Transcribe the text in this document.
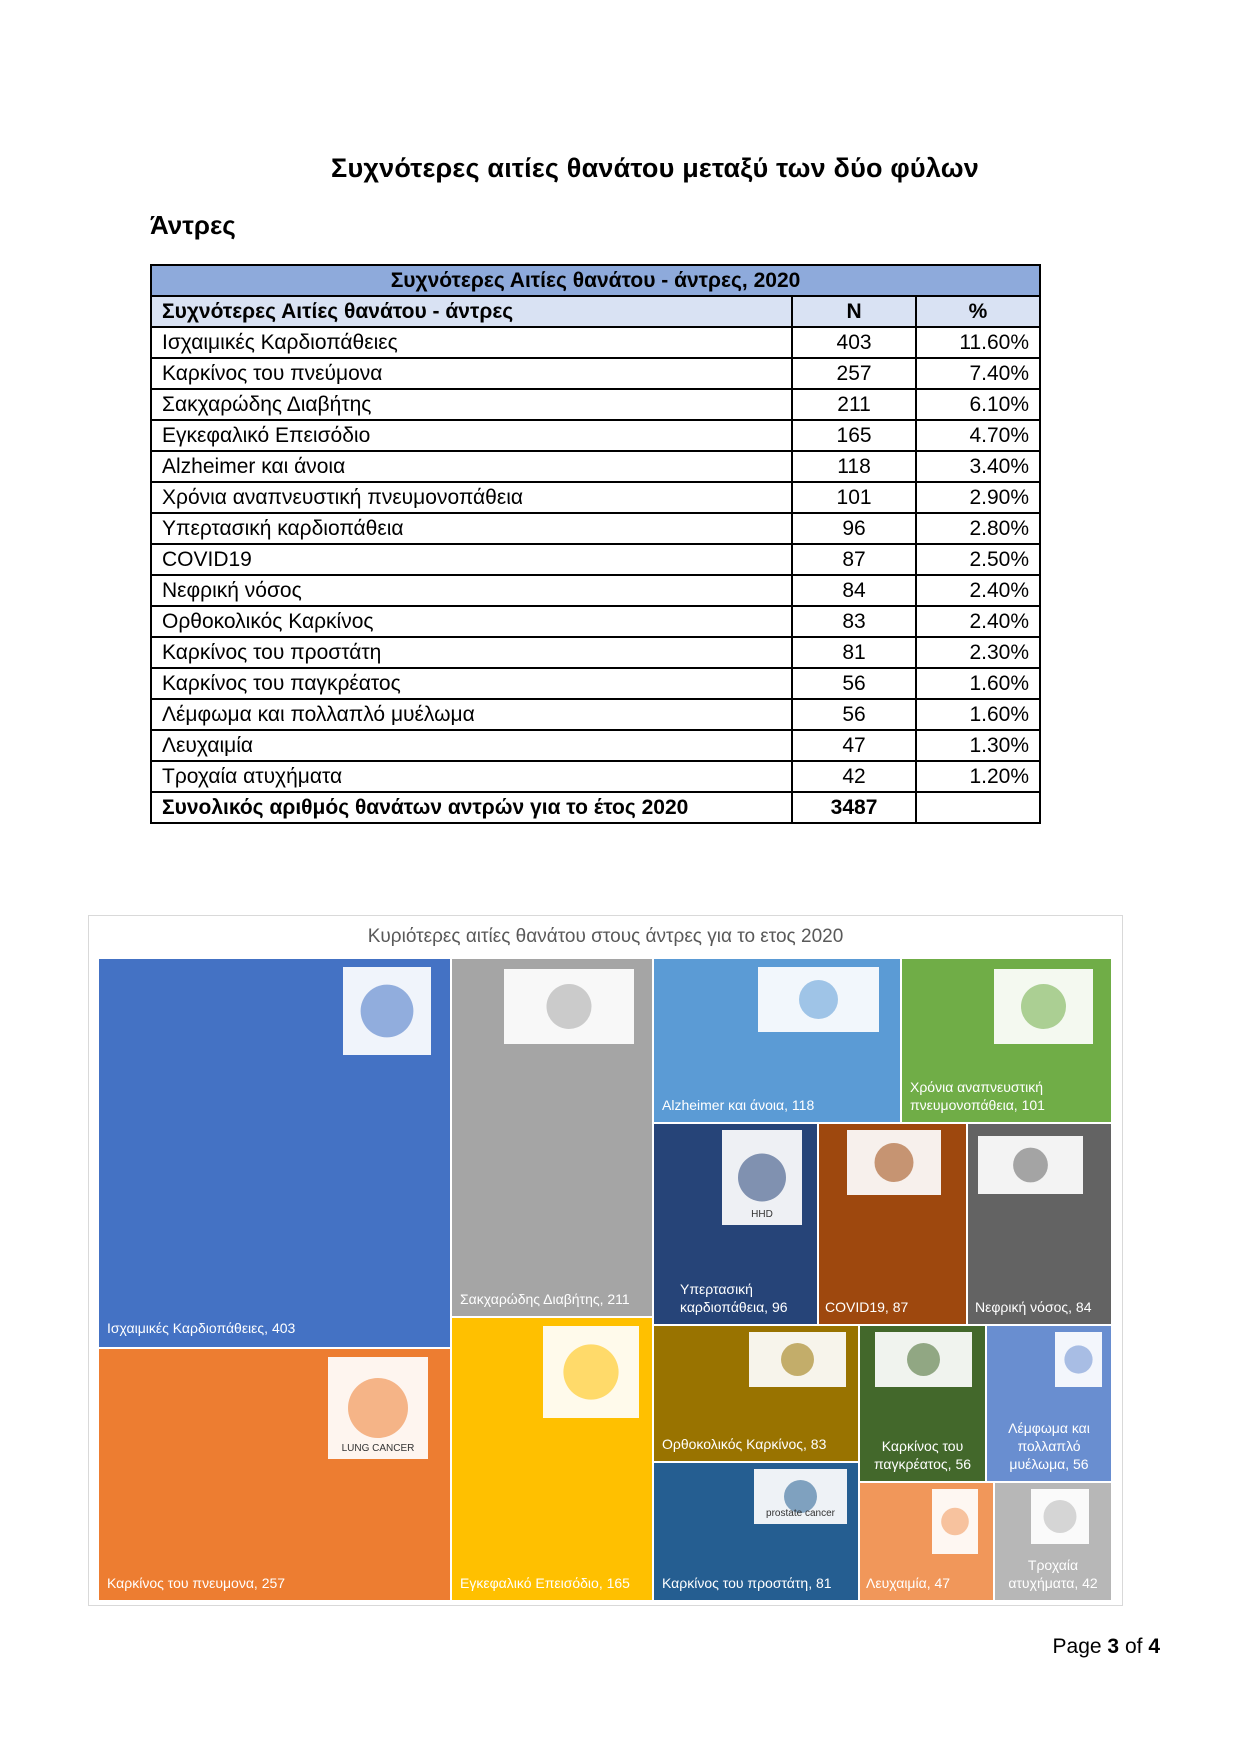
Συχνότερες αιτίες θανάτου μεταξύ των δύο φύλων
Άντρες
Συχνότερες Αιτίες θανάτου - άντρες, 2020		
Συχνότερες Αιτίες θανάτου - άντρες	N	%
Ισχαιμικές Καρδιοπάθειες	403	11.60%
Καρκίνος του πνεύμονα	257	7.40%
Σακχαρώδης Διαβήτης	211	6.10%
Εγκεφαλικό Επεισόδιο	165	4.70%
Alzheimer και άνοια	118	3.40%
Χρόνια αναπνευστική πνευμονοπάθεια	101	2.90%
Υπερτασική καρδιοπάθεια	96	2.80%
COVID19	87	2.50%
Νεφρική νόσος	84	2.40%
Ορθοκολικός Καρκίνος	83	2.40%
Καρκίνος του προστάτη	81	2.30%
Καρκίνος του παγκρέατος	56	1.60%
Λέμφωμα και πολλαπλό μυέλωμα	56	1.60%
Λευχαιμία	47	1.30%
Τροχαία ατυχήματα	42	1.20%
Συνολικός αριθμός θανάτων αντρών για το έτος 2020	3487	
Κυριότερες αιτίες θανάτου στους άντρες για το ετος 2020
Ισχαιμικές Καρδιοπάθειες, 403
LUNG CANCER
Καρκίνος του πνευμονα, 257
Σακχαρώδης Διαβήτης, 211
Εγκεφαλικό Επεισόδιο, 165
Alzheimer και άνοια, 118
Χρόνια αναπνευστική πνευμονοπάθεια, 101
HHD
Υπερτασική καρδιοπάθεια, 96	COVID19, 87	Νεφρική νόσος, 84
Ορθοκολικός Καρκίνος, 83
prostate cancer
Καρκίνος του προστάτη, 81
Καρκίνος του παγκρέατος, 56
Λέμφωμα και πολλαπλό μυέλωμα, 56
Λευχαιμία, 47
Τροχαία ατυχήματα, 42
Page 3 of 4
